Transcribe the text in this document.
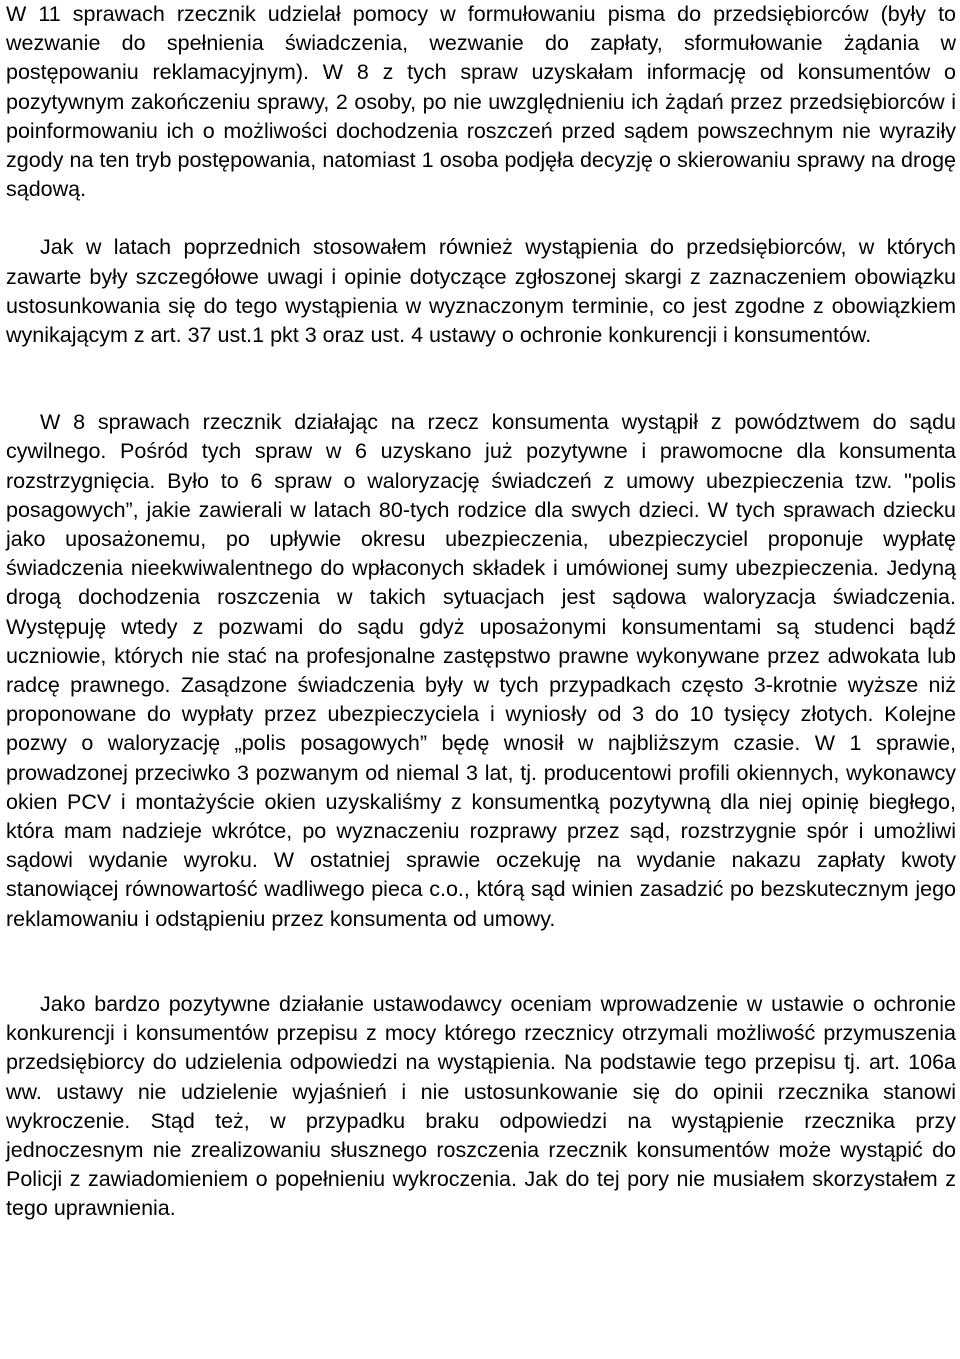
W 11 sprawach rzecznik udzielał pomocy w formułowaniu pisma do przedsiębiorców (były to wezwanie do spełnienia świadczenia, wezwanie do zapłaty, sformułowanie żądania w postępowaniu reklamacyjnym). W 8 z tych spraw uzyskałam informację od konsumentów o pozytywnym zakończeniu sprawy, 2 osoby, po nie uwzględnieniu ich żądań przez przedsiębiorców i poinformowaniu ich o możliwości dochodzenia roszczeń przed sądem powszechnym nie wyraziły zgody na ten tryb postępowania, natomiast 1 osoba podjęła decyzję o skierowaniu sprawy na drogę sądową.

Jak w latach poprzednich stosowałem również wystąpienia do przedsiębiorców, w których zawarte były szczegółowe uwagi i opinie dotyczące zgłoszonej skargi z zaznaczeniem obowiązku ustosunkowania się do tego wystąpienia w wyznaczonym terminie, co jest zgodne z obowiązkiem wynikającym z art. 37 ust.1 pkt 3 oraz ust. 4 ustawy o ochronie konkurencji i konsumentów.

W 8 sprawach rzecznik działając na rzecz konsumenta wystąpił z powództwem do sądu cywilnego. Pośród tych spraw w 6 uzyskano już pozytywne i prawomocne dla konsumenta rozstrzygnięcia. Było to 6 spraw o waloryzację świadczeń z umowy ubezpieczenia tzw. "polis posagowych”, jakie zawierali w latach 80-tych rodzice dla swych dzieci. W tych sprawach dziecku jako uposażonemu, po upływie okresu ubezpieczenia, ubezpieczyciel proponuje wypłatę świadczenia nieekwiwalentnego do wpłaconych składek i umówionej sumy ubezpieczenia. Jedyną drogą dochodzenia roszczenia w takich sytuacjach jest sądowa waloryzacja świadczenia. Występuję wtedy z pozwami do sądu gdyż uposażonymi konsumentami są studenci bądź uczniowie, których nie stać na profesjonalne zastępstwo prawne wykonywane przez adwokata lub radcę prawnego. Zasądzone świadczenia były w tych przypadkach często 3-krotnie wyższe niż proponowane do wypłaty przez ubezpieczyciela i wyniosły od 3 do 10 tysięcy złotych. Kolejne pozwy o waloryzację „polis posagowych” będę wnosił w najbliższym czasie. W 1 sprawie, prowadzonej przeciwko 3 pozwanym od niemal 3 lat, tj. producentowi profili okiennych, wykonawcy okien PCV i montażyście okien uzyskaliśmy z konsumentką pozytywną dla niej opinię biegłego, która mam nadzieje wkrótce, po wyznaczeniu rozprawy przez sąd, rozstrzygnie spór i umożliwi sądowi wydanie wyroku. W ostatniej sprawie oczekuję na wydanie nakazu zapłaty kwoty stanowiącej równowartość wadliwego pieca c.o., którą sąd winien zasadzić po bezskutecznym jego reklamowaniu i odstąpieniu przez konsumenta od umowy.

Jako bardzo pozytywne działanie ustawodawcy oceniam wprowadzenie w ustawie o ochronie konkurencji i konsumentów przepisu z mocy którego rzecznicy otrzymali możliwość przymuszenia przedsiębiorcy do udzielenia odpowiedzi na wystąpienia. Na podstawie tego przepisu tj. art. 106a ww. ustawy nie udzielenie wyjaśnień i nie ustosunkowanie się do opinii rzecznika stanowi wykroczenie. Stąd też, w przypadku braku odpowiedzi na wystąpienie rzecznika przy jednoczesnym nie zrealizowaniu słusznego roszczenia rzecznik konsumentów może wystąpić do Policji z zawiadomieniem o popełnieniu wykroczenia. Jak do tej pory nie musiałem skorzystałem z tego uprawnienia.
